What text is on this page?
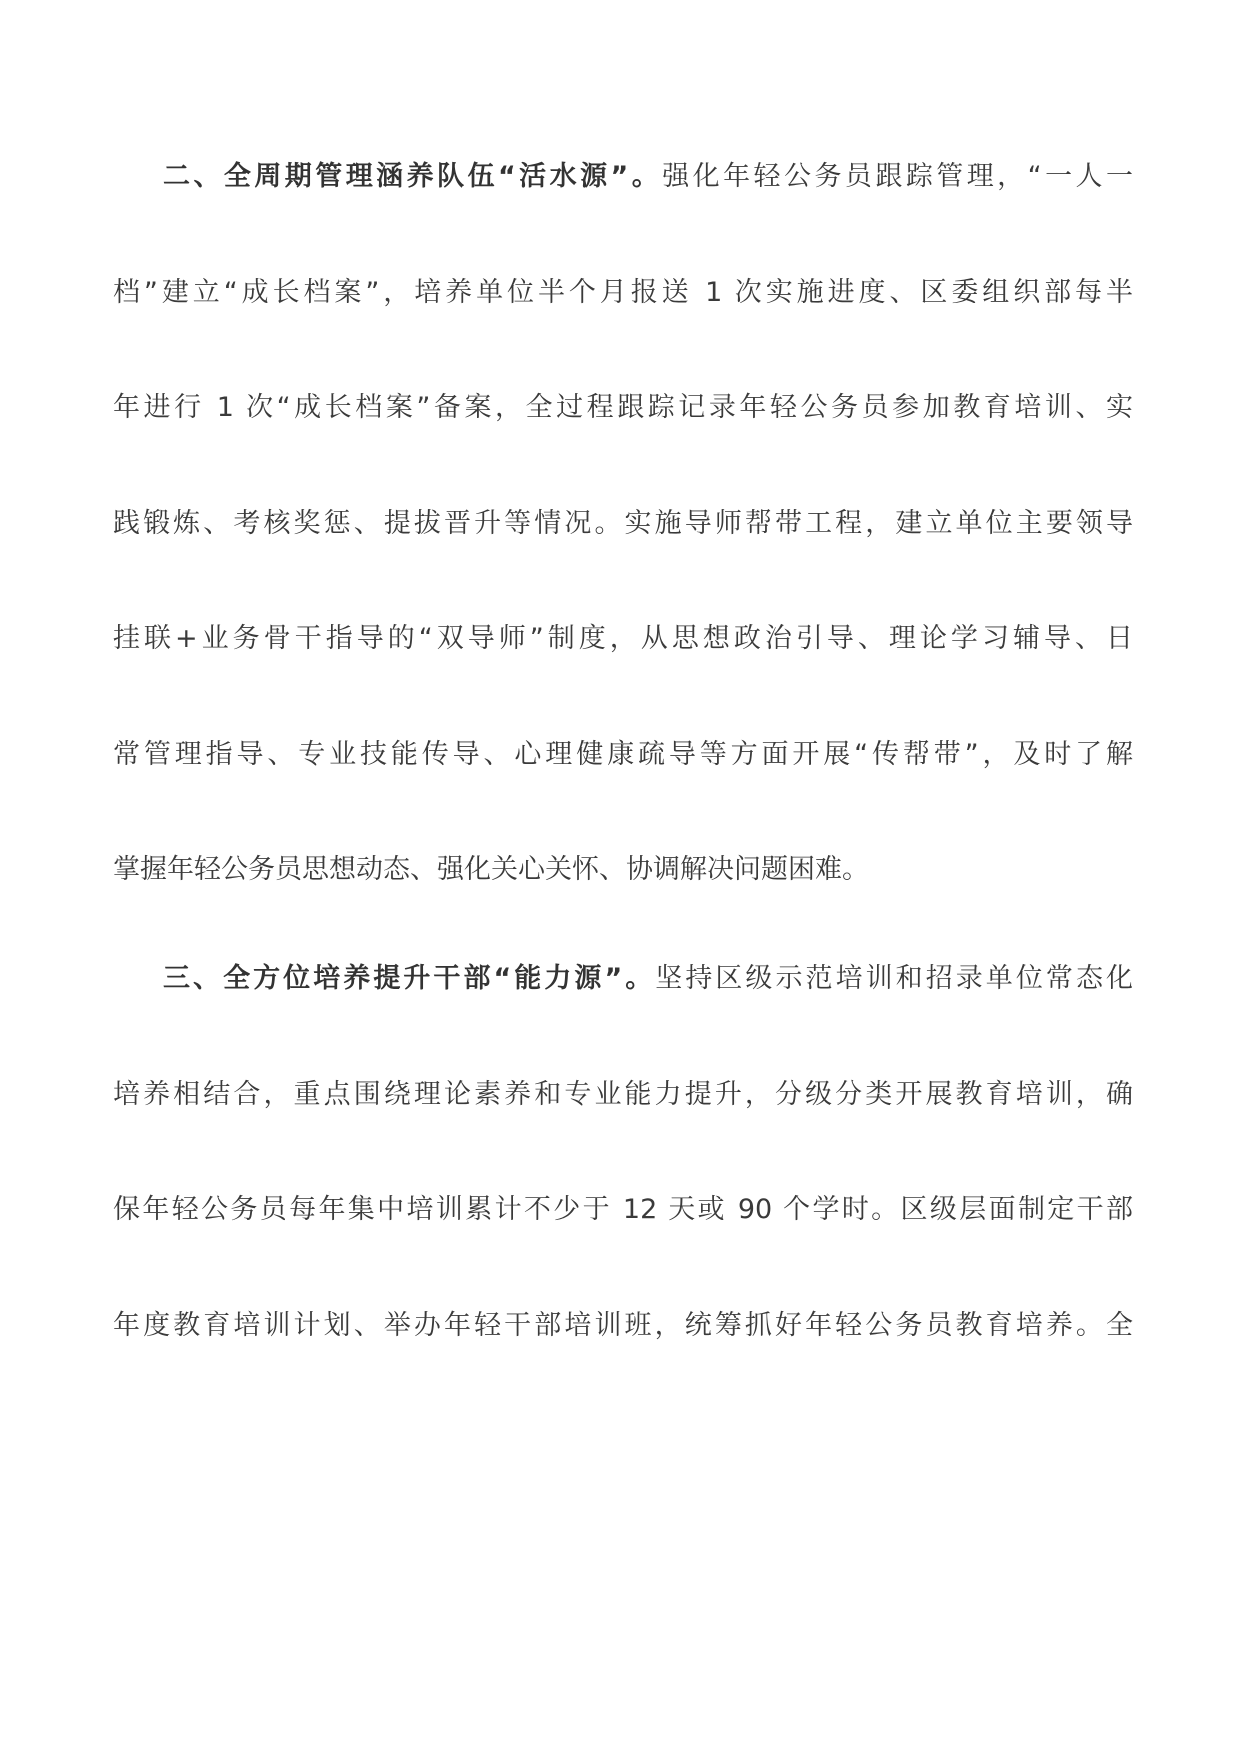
二、全周期管理涵养队伍“活水源”。强化年轻公务员跟踪管理，“一人一
档”建立“成长档案”，培养单位半个月报送 1 次实施进度、区委组织部每半
年进行 1 次“成长档案”备案，全过程跟踪记录年轻公务员参加教育培训、实
践锻炼、考核奖惩、提拔晋升等情况。实施导师帮带工程，建立单位主要领导
挂联+业务骨干指导的“双导师”制度，从思想政治引导、理论学习辅导、日
常管理指导、专业技能传导、心理健康疏导等方面开展“传帮带”，及时了解
掌握年轻公务员思想动态、强化关心关怀、协调解决问题困难。
三、全方位培养提升干部“能力源”。坚持区级示范培训和招录单位常态化
培养相结合，重点围绕理论素养和专业能力提升，分级分类开展教育培训，确
保年轻公务员每年集中培训累计不少于 12 天或 90 个学时。区级层面制定干部
年度教育培训计划、举办年轻干部培训班，统筹抓好年轻公务员教育培养。全
